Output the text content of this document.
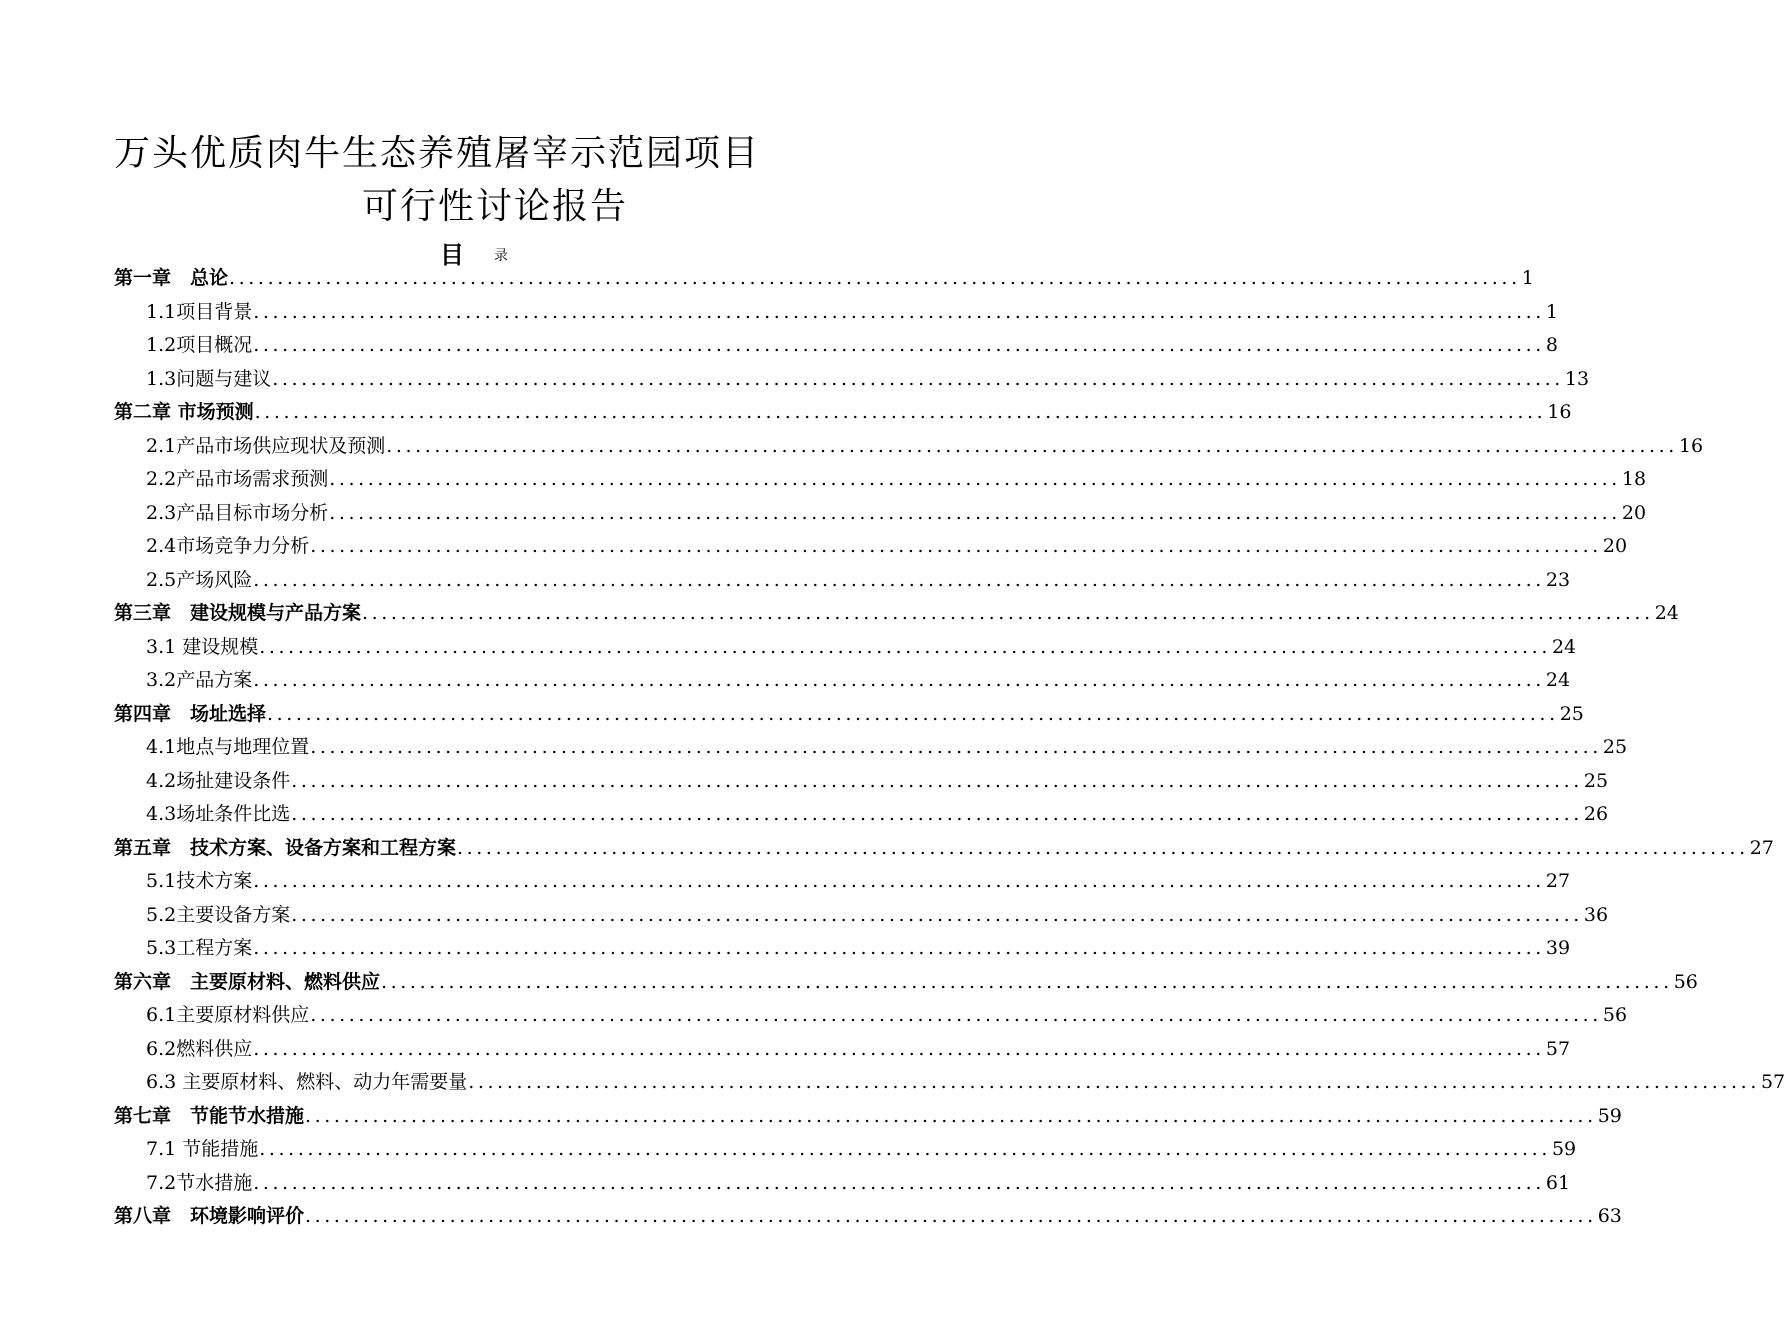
万头优质肉牛生态养殖屠宰示范园项目
可行性讨论报告
目 录
第一章　总论 ...................................................................................................................................... 1
1.1项目背景 ...................................................................................................................................... 1
1.2项目概况 ...................................................................................................................................... 8
1.3问题与建议 ...................................................................................................................................... 13
第二章 市场预测 ...................................................................................................................................... 16
2.1产品市场供应现状及预测 ...................................................................................................................................... 16
2.2产品市场需求预测 ...................................................................................................................................... 18
2.3产品目标市场分析 ...................................................................................................................................... 20
2.4市场竞争力分析 ...................................................................................................................................... 20
2.5产场风险 ...................................................................................................................................... 23
第三章　建设规模与产品方案 ...................................................................................................................................... 24
3.1 建设规模 ...................................................................................................................................... 24
3.2产品方案 ...................................................................................................................................... 24
第四章　场址选择 ...................................................................................................................................... 25
4.1地点与地理位置 ...................................................................................................................................... 25
4.2场扯建设条件 ...................................................................................................................................... 25
4.3场址条件比选 ...................................................................................................................................... 26
第五章　技术方案、设备方案和工程方案 ...................................................................................................................................... 27
5.1技术方案 ...................................................................................................................................... 27
5.2主要设备方案 ...................................................................................................................................... 36
5.3工程方案 ...................................................................................................................................... 39
第六章　主要原材料、燃料供应 ...................................................................................................................................... 56
6.1主要原材料供应 ...................................................................................................................................... 56
6.2燃料供应 ...................................................................................................................................... 57
6.3 主要原材料、燃料、动力年需要量 ...................................................................................................................................... 57
第七章　节能节水措施 ...................................................................................................................................... 59
7.1 节能措施 ...................................................................................................................................... 59
7.2节水措施 ...................................................................................................................................... 61
第八章　环境影响评价 ...................................................................................................................................... 63
